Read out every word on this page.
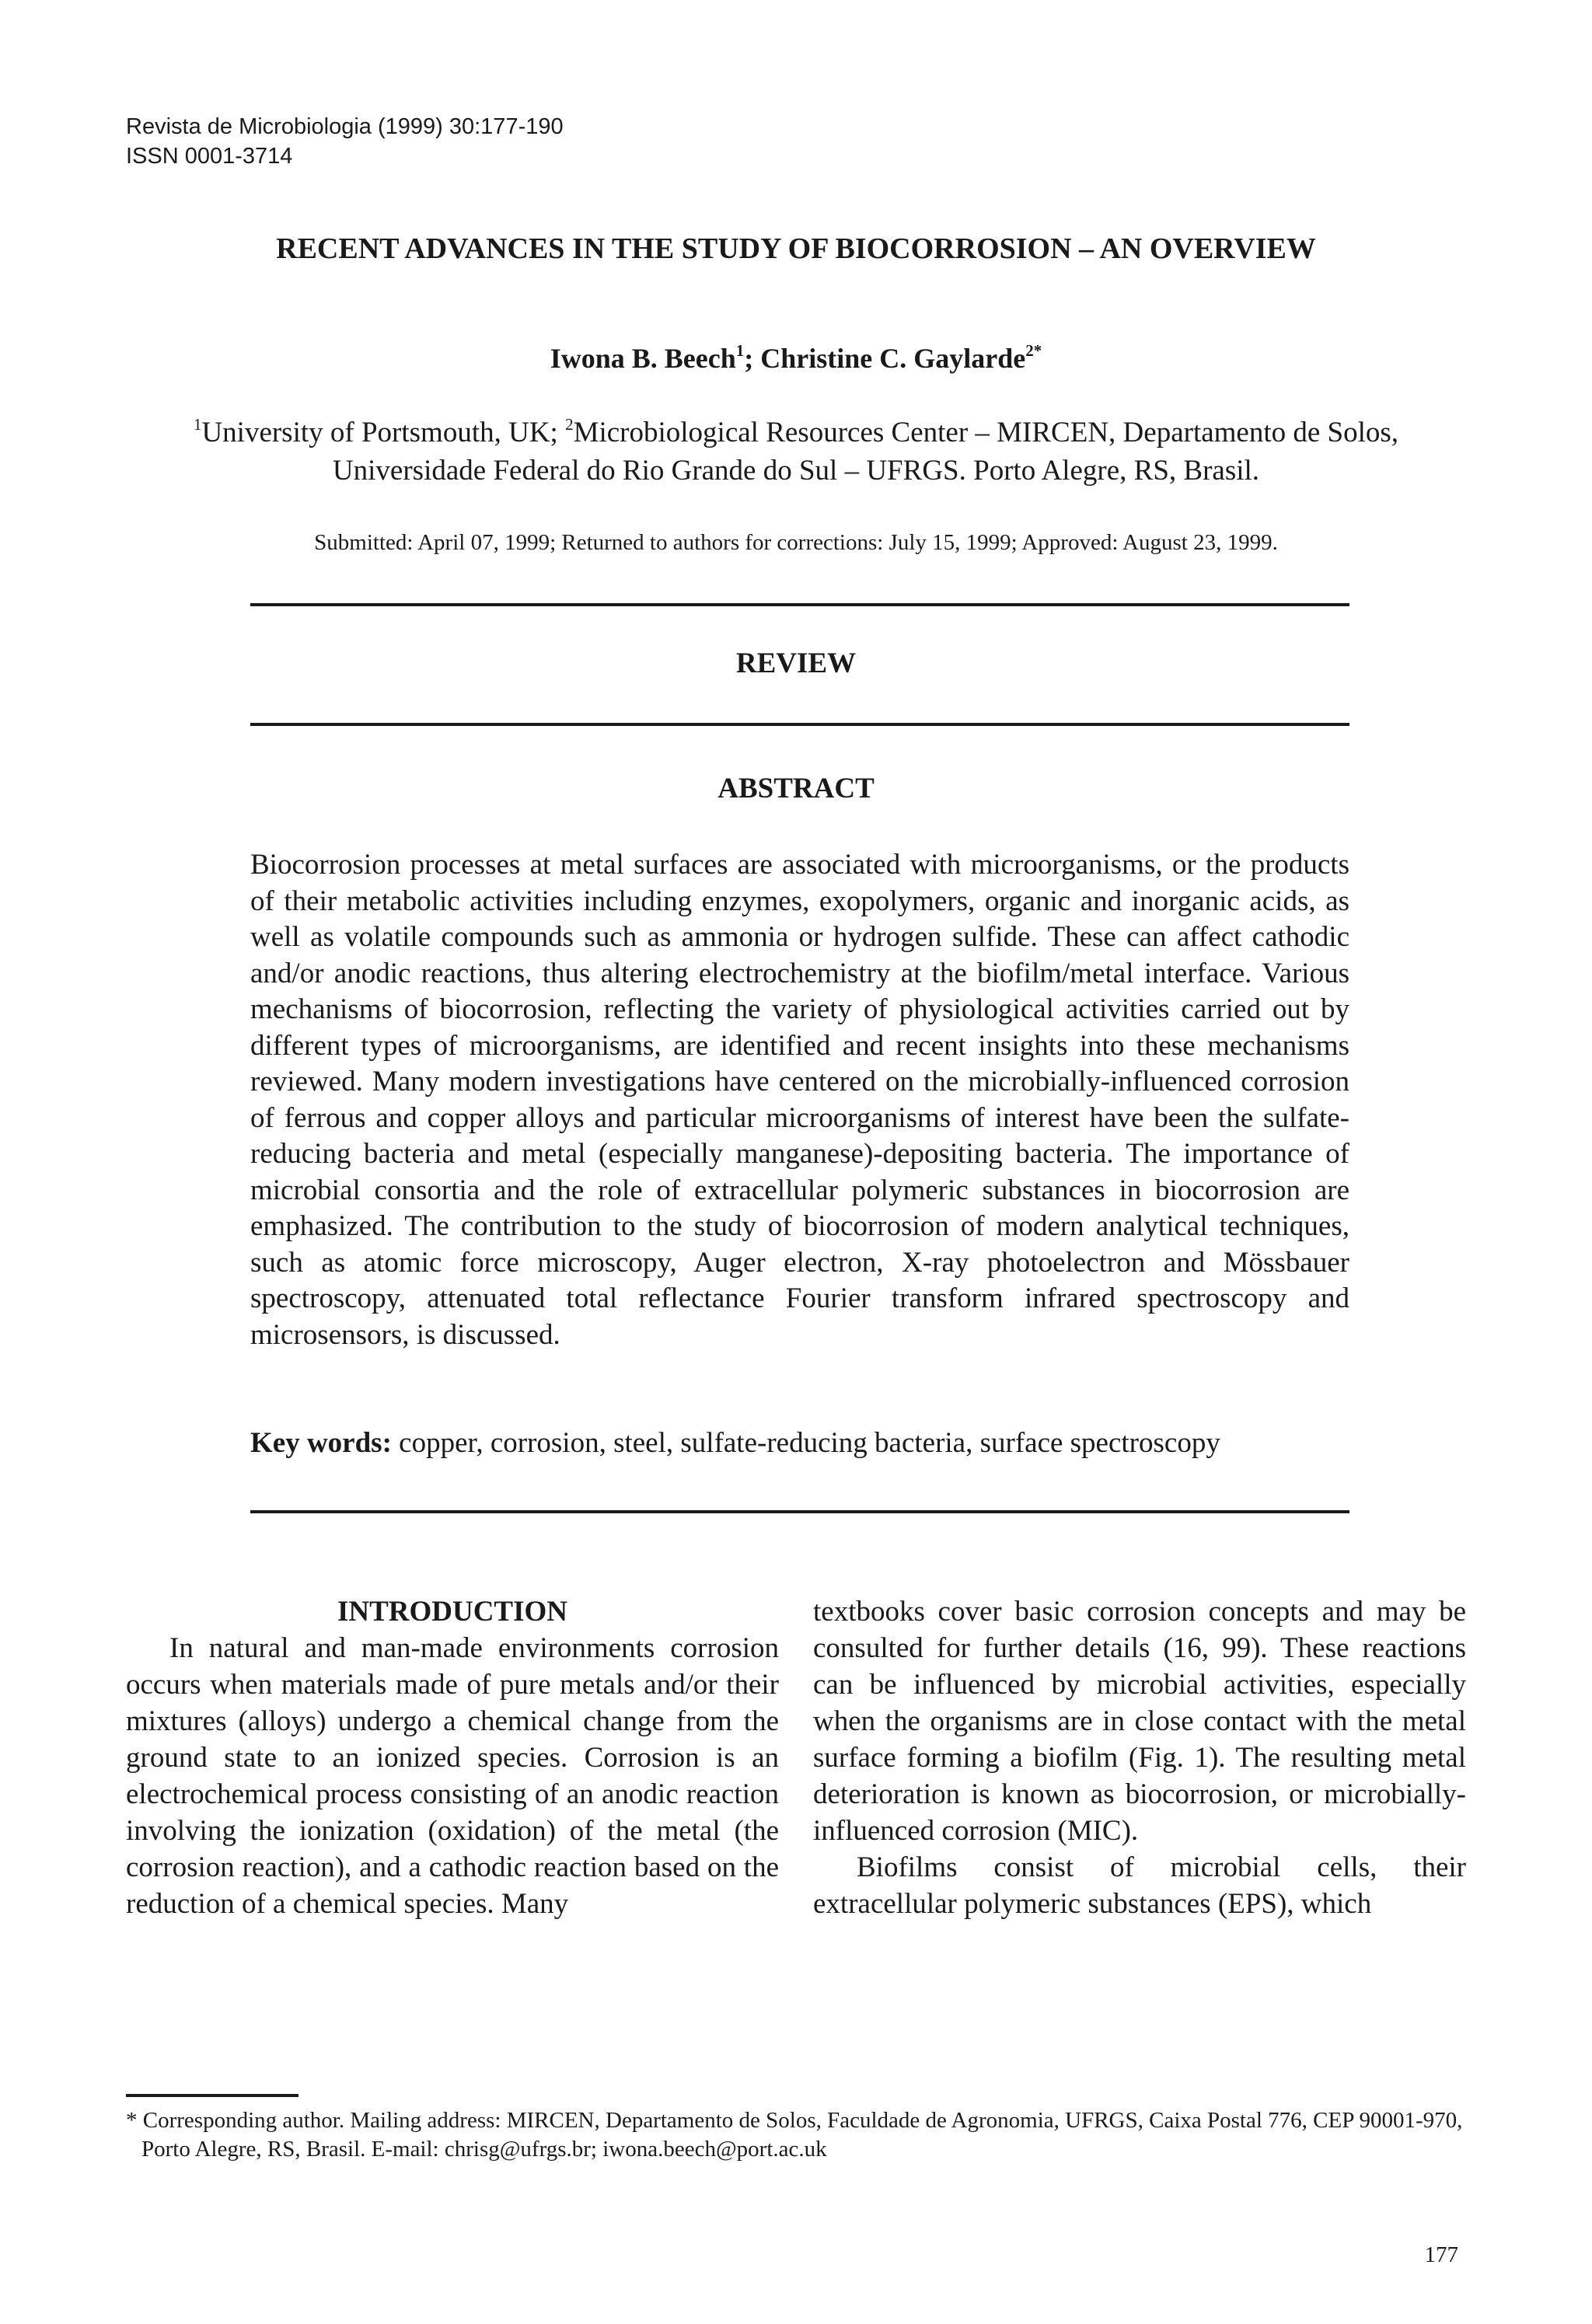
Revista de Microbiologia (1999) 30:177-190
ISSN 0001-3714
RECENT ADVANCES IN THE STUDY OF BIOCORROSION – AN OVERVIEW
Iwona B. Beech$^1$; Christine C. Gaylarde$^{2*}$
$^1$University of Portsmouth, UK; $^2$Microbiological Resources Center – MIRCEN, Departamento de Solos,
Universidade Federal do Rio Grande do Sul – UFRGS. Porto Alegre, RS, Brasil.
Submitted: April 07, 1999; Returned to authors for corrections: July 15, 1999; Approved: August 23, 1999.
REVIEW
ABSTRACT

Biocorrosion processes at metal surfaces are associated with microorganisms, or the products of their metabolic activities including enzymes, exopolymers, organic and inorganic acids, as well as volatile compounds such as ammonia or hydrogen sulfide. These can affect cathodic and/or anodic reactions, thus altering electrochemistry at the biofilm/metal interface. Various mechanisms of biocorrosion, reflecting the variety of physiological activities carried out by different types of microorganisms, are identified and recent insights into these mechanisms reviewed. Many modern investigations have centered on the microbially-influenced corrosion of ferrous and copper alloys and particular microorganisms of interest have been the sulfate-reducing bacteria and metal (especially manganese)-depositing bacteria. The importance of microbial consortia and the role of extracellular polymeric substances in biocorrosion are emphasized. The contribution to the study of biocorrosion of modern analytical techniques, such as atomic force microscopy, Auger electron, X-ray photoelectron and Mössbauer spectroscopy, attenuated total reflectance Fourier transform infrared spectroscopy and microsensors, is discussed.

Key words: copper, corrosion, steel, sulfate-reducing bacteria, surface spectroscopy

INTRODUCTION

In natural and man-made environments corrosion occurs when materials made of pure metals and/or their mixtures (alloys) undergo a chemical change from the ground state to an ionized species. Corrosion is an electrochemical process consisting of an anodic reaction involving the ionization (oxidation) of the metal (the corrosion reaction), and a cathodic reaction based on the reduction of a chemical species. Many

textbooks cover basic corrosion concepts and may be consulted for further details (16, 99). These reactions can be influenced by microbial activities, especially when the organisms are in close contact with the metal surface forming a biofilm (Fig. 1). The resulting metal deterioration is known as biocorrosion, or microbially-influenced corrosion (MIC).

Biofilms consist of microbial cells, their extracellular polymeric substances (EPS), which

* Corresponding author. Mailing address: MIRCEN, Departamento de Solos, Faculdade de Agronomia, UFRGS, Caixa Postal 776, CEP 90001-970, Porto Alegre, RS, Brasil. E-mail: chrisg@ufrgs.br; iwona.beech@port.ac.uk

177
